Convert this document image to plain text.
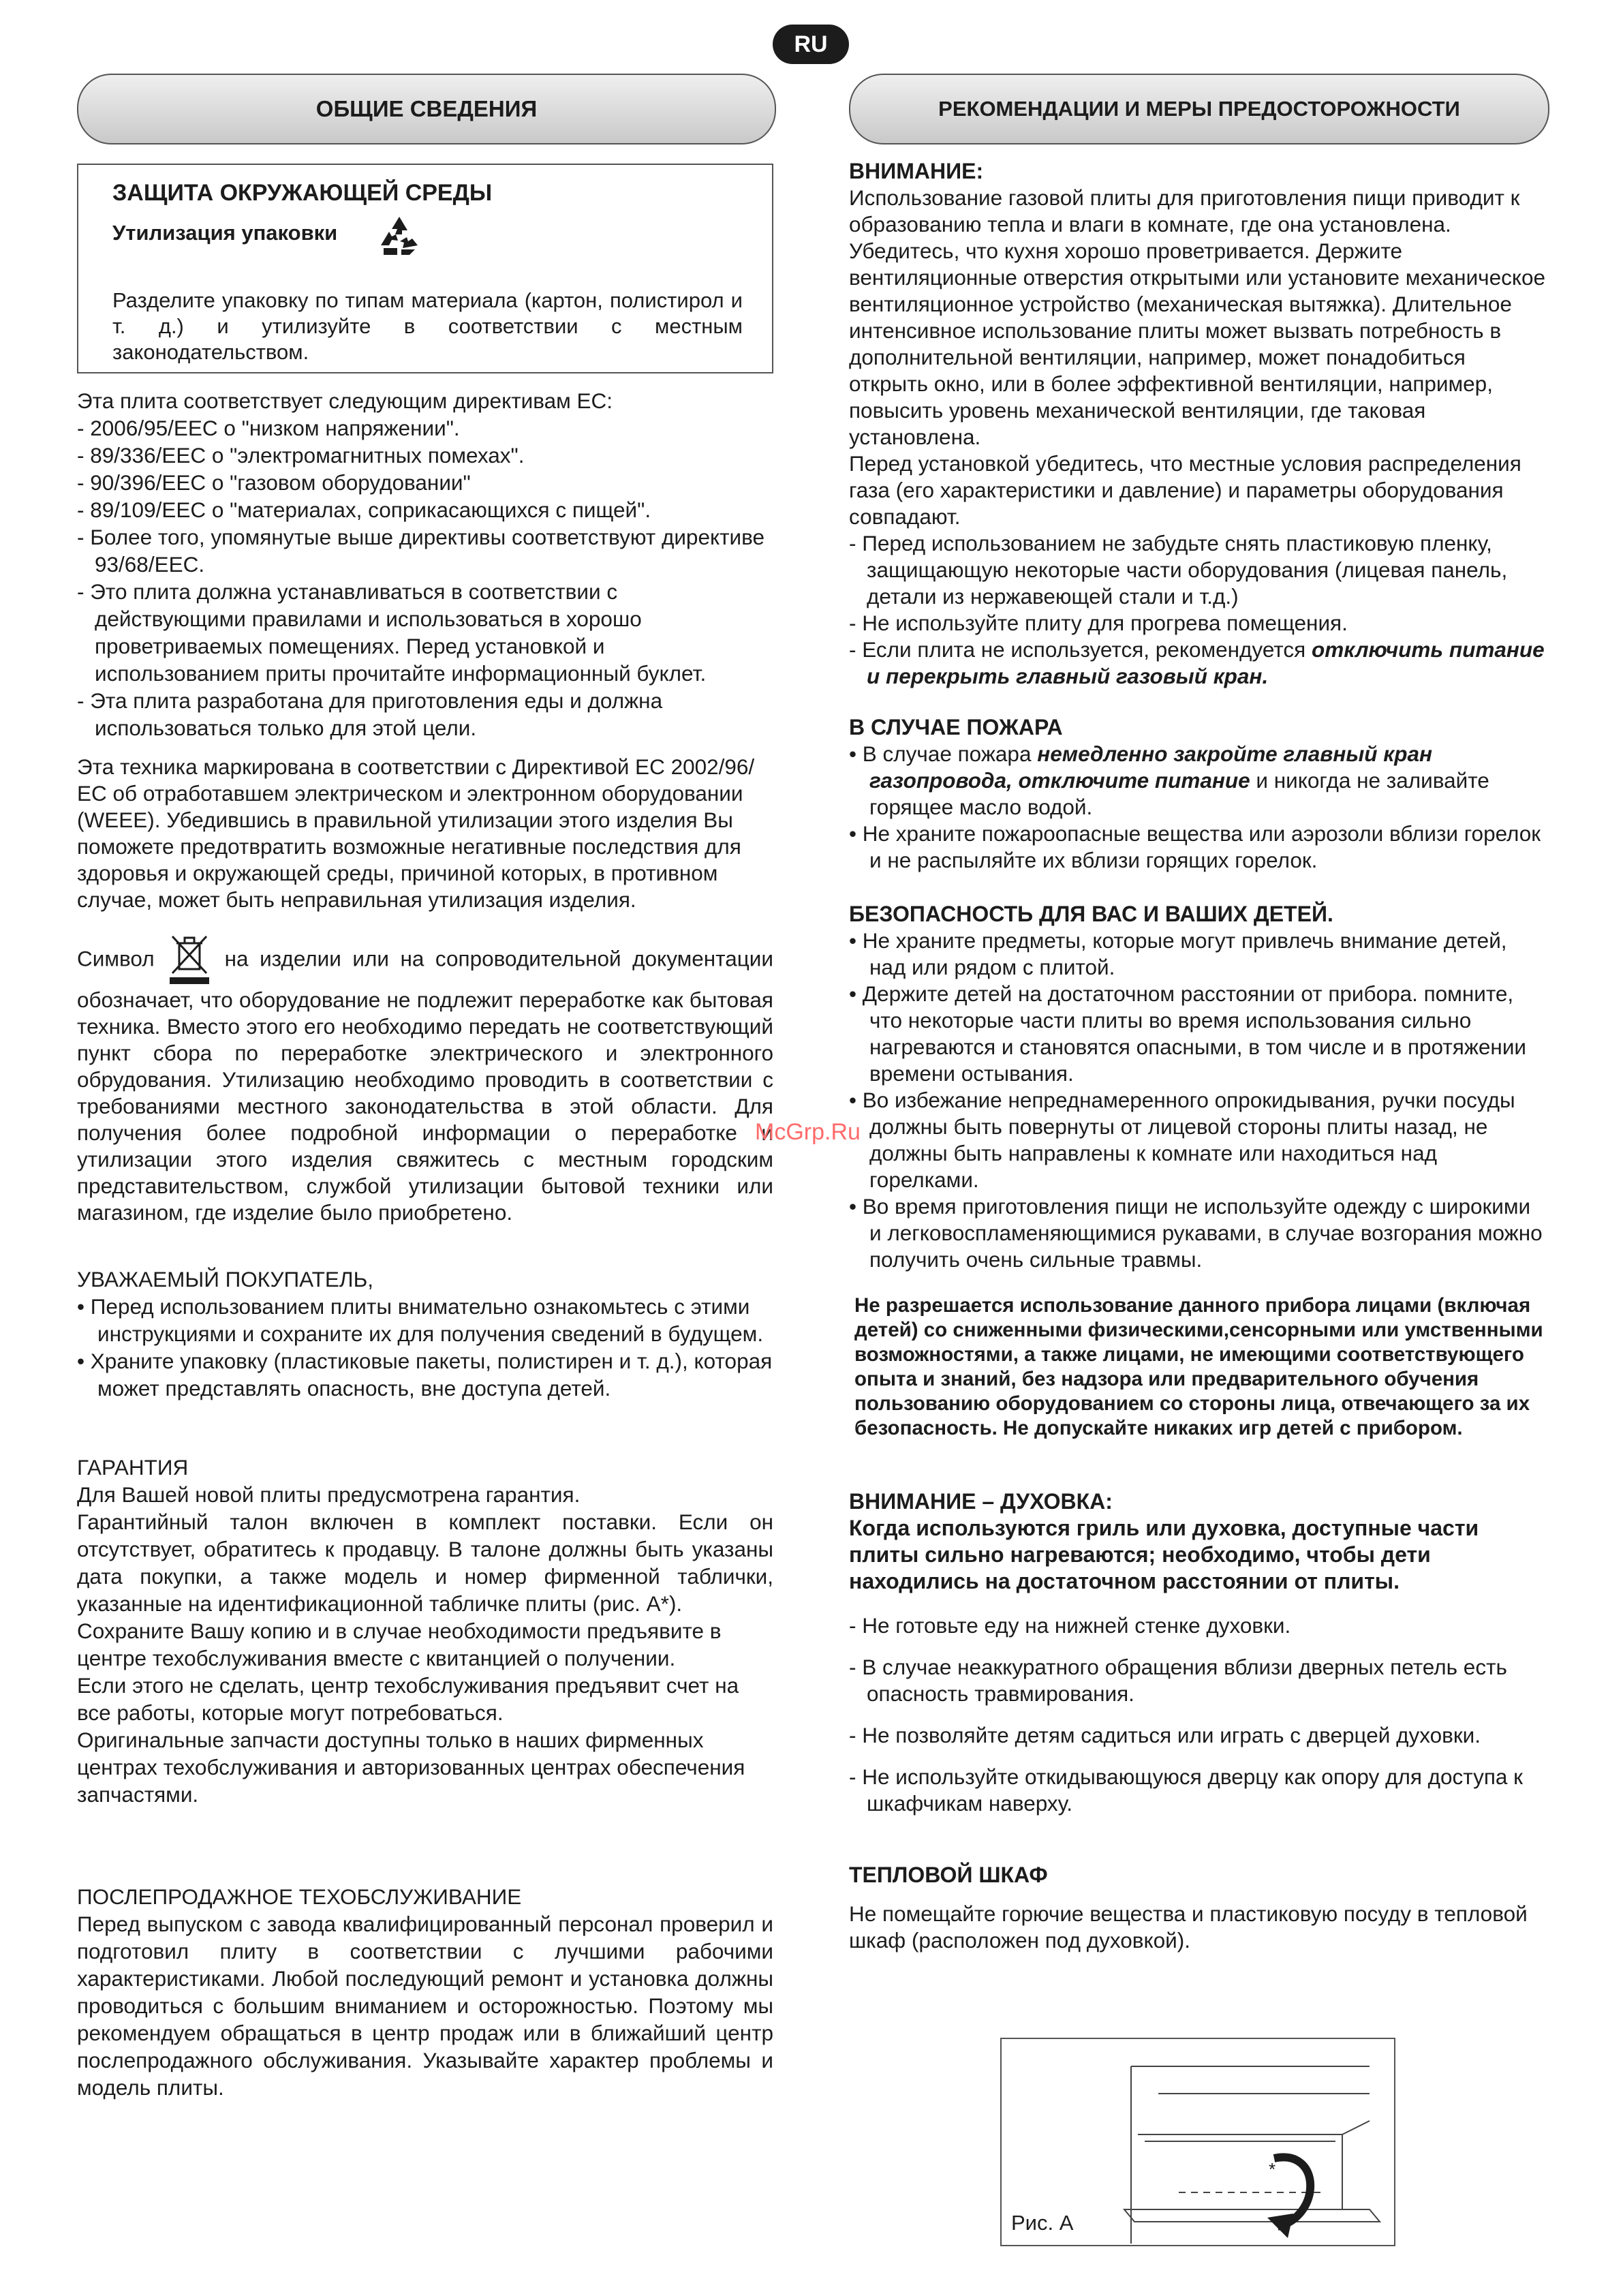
RU
ОБЩИЕ СВЕДЕНИЯ
ЗАЩИТА ОКРУЖАЮЩЕЙ СРЕДЫ
Утилизация упаковки
Разделите упаковку по типам материала (картон, полистирол и т. д.) и утилизуйте в соответствии с местным законодательством.

Эта плита соответствует следующим директивам ЕС:

- 2006/95/EEC о "низком напряжении".

- 89/336/EEC о "электромагнитных помехах".

- 90/396/EEC о "газовом оборудовании"

- 89/109/EEC о "материалах, соприкасающихся с пищей".

- Более того, упомянутые выше директивы соответствуют директиве 93/68/EEC.

- Это плита должна устанавливаться в соответствии с действующими правилами и использоваться в хорошо проветриваемых помещениях. Перед установкой и использованием приты прочитайте информационный буклет.

- Эта плита разработана для приготовления еды и должна использоваться только для этой цели.

Эта техника маркирована в соответствии с Директивой ЕС 2002/96/ЕС об отработавшем электрическом и электронном оборудовании (WEEE). Убедившись в правильной утилизации этого изделия Вы поможете предотвратить возможные негативные последствия для здоровья и окружающей среды, причиной которых, в противном случае, может быть неправильная утилизация изделия.

Символ	на изделии или на сопроводительной документации обозначает, что оборудование не подлежит переработке как бытовая техника. Вместо этого его необходимо передать не соответствующий пункт сбора по переработке электрического и электронного обрудования. Утилизацию необходимо проводить в соответствии с требованиями местного законодательства в этой области. Для получения более подробной информации о переработке и утилизации этого изделия свяжитесь с местным городским представительством, службой утилизации бытовой техники или магазином, где изделие было приобретено.

УВАЖАЕМЫЙ ПОКУПАТЕЛЬ,

• Перед использованием плиты внимательно ознакомьтесь с этими инструкциями и сохраните их для получения сведений в будущем.

• Храните упаковку (пластиковые пакеты, полистирен и т. д.), которая может представлять опасность, вне доступа детей.

ГАРАНТИЯ

Для Вашей новой плиты предусмотрена гарантия.

Гарантийный талон включен в комплект поставки. Если он отсутствует, обратитесь к продавцу. В талоне должны быть указаны дата покупки, а также модель и номер фирменной таблички, указанные на идентификационной табличке плиты (рис. А*).

Сохраните Вашу копию и в случае необходимости предъявите в центре техобслуживания вместе с квитанцией о получении.

Если этого не сделать, центр техобслуживания предъявит счет на все работы, которые могут потребоваться.

Оригинальные запчасти доступны только в наших фирменных центрах техобслуживания и авторизованных центрах обеспечения запчастями.

ПОСЛЕПРОДАЖНОЕ ТЕХОБСЛУЖИВАНИЕ

Перед выпуском с завода квалифицированный персонал проверил и подготовил плиту в соответствии с лучшими рабочими характеристиками. Любой последующий ремонт и установка должны проводиться с большим вниманием и осторожностью. Поэтому мы рекомендуем обращаться в центр продаж или в ближайший центр послепродажного обслуживания. Указывайте характер проблемы и модель плиты.

РЕКОМЕНДАЦИИ И МЕРЫ ПРЕДОСТОРОЖНОСТИ

ВНИМАНИЕ:

Использование газовой плиты для приготовления пищи приводит к образованию тепла и влаги в комнате, где она установлена. Убедитесь, что кухня хорошо проветривается. Держите вентиляционные отверстия открытыми или установите механическое вентиляционное устройство (механическая вытяжка). Длительное интенсивное использование плиты может вызвать потребность в дополнительной вентиляции, например, может понадобиться открыть окно, или в более эффективной вентиляции, например, повысить уровень механической вентиляции, где таковая установлена.

Перед установкой убедитесь, что местные условия распределения газа (его характеристики и давление) и параметры оборудования совпадают.

- Перед использованием не забудьте снять пластиковую пленку, защищающую некоторые части оборудования (лицевая панель, детали из нержавеющей стали и т.д.)

- Не используйте плиту для прогрева помещения.

- Если плита не используется, рекомендуется отключить питание и перекрыть главный газовый кран.

В СЛУЧАЕ ПОЖАРА

• В случае пожара немедленно закройте главный кран газопровода, отключите питание и никогда не заливайте горящее масло водой.

• Не храните пожароопасные вещества или аэрозоли вблизи горелок и не распыляйте их вблизи горящих горелок.

БЕЗОПАСНОСТЬ ДЛЯ ВАС И ВАШИХ ДЕТЕЙ.

• Не храните предметы, которые могут привлечь внимание детей, над или рядом с плитой.

• Держите детей на достаточном расстоянии от прибора. помните, что некоторые части плиты во время использования сильно нагреваются и становятся опасными, в том числе и в протяжении времени остывания.

• Во избежание непреднамеренного опрокидывания, ручки посуды должны быть повернуты от лицевой стороны плиты назад, не должны быть направлены к комнате или находиться над горелками.

• Во время приготовления пищи не используйте одежду с широкими и легковоспламеняющимися рукавами, в случае возгорания можно получить очень сильные травмы.

Не разрешается использование данного прибора лицами (включая детей) со сниженными физическими,сенсорными или умственными возможностями, а также лицами, не имеющими соответствующего опыта и знаний, без надзора или предварительного обучения пользованию оборудованием со стороны лица, отвечающего за их безопасность. Не допускайте никаких игр детей с прибором.

ВНИМАНИЕ – ДУХОВКА:

Когда используются гриль или духовка, доступные части плиты сильно нагреваются; необходимо, чтобы дети находились на достаточном расстоянии от плиты.

- Не готовьте еду на нижней стенке духовки.

- В случае неаккуратного обращения вблизи дверных петель есть опасность травмирования.

- Не позволяйте детям садиться или играть с дверцей духовки.

- Не используйте откидывающуюся дверцу как опору для доступа к шкафчикам наверху.

ТЕПЛОВОЙ ШКАФ

Не помещайте горючие вещества и пластиковую посуду в тепловой шкаф (расположен под духовкой).

*
Рис. А
McGrp.Ru
